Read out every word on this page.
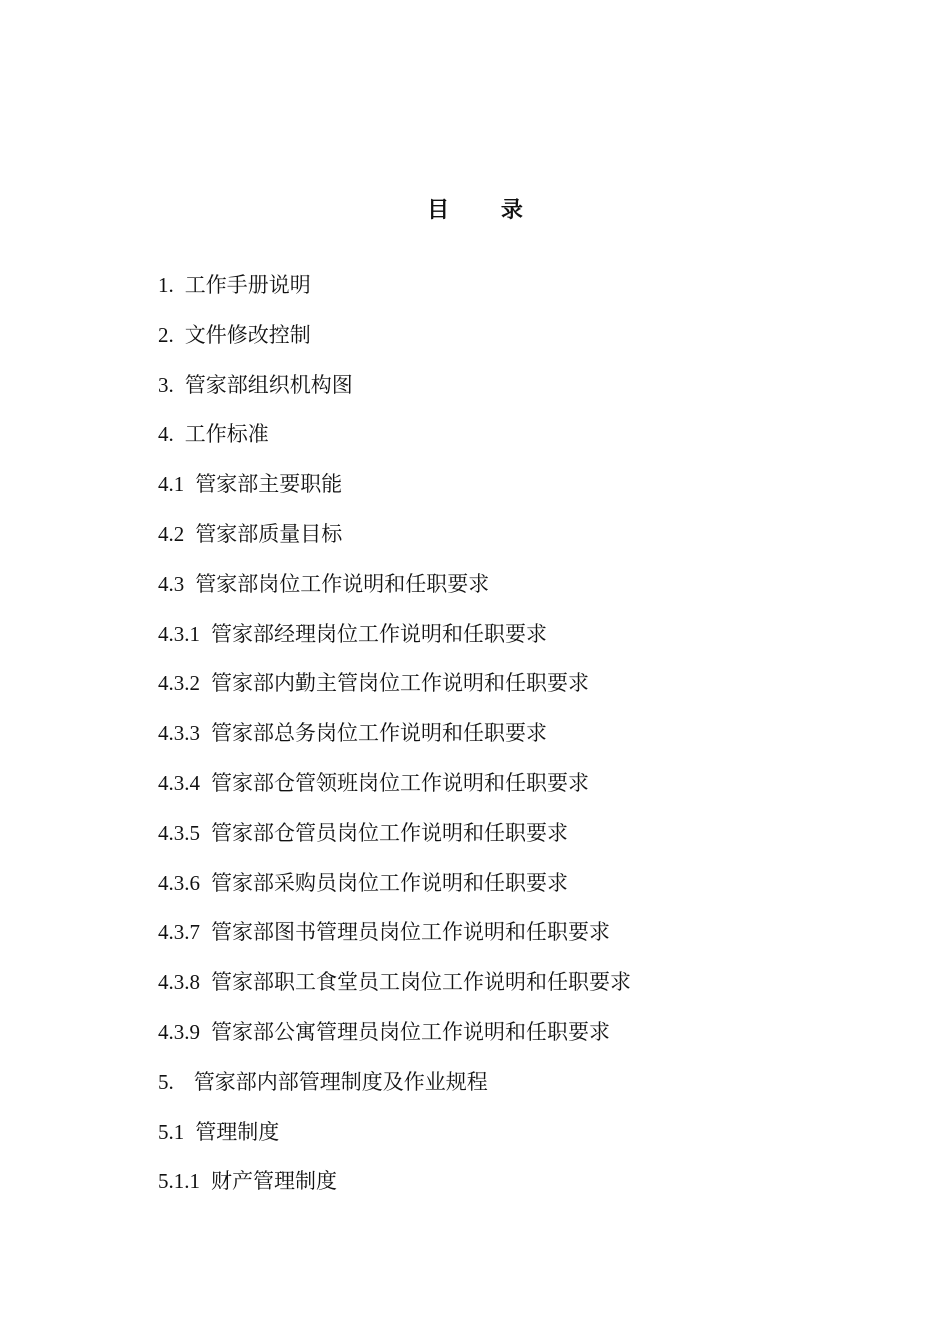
目 录
1. 工作手册说明
2. 文件修改控制
3. 管家部组织机构图
4. 工作标准
4.1 管家部主要职能
4.2 管家部质量目标
4.3 管家部岗位工作说明和任职要求
4.3.1 管家部经理岗位工作说明和任职要求
4.3.2 管家部内勤主管岗位工作说明和任职要求
4.3.3 管家部总务岗位工作说明和任职要求
4.3.4 管家部仓管领班岗位工作说明和任职要求
4.3.5 管家部仓管员岗位工作说明和任职要求
4.3.6 管家部采购员岗位工作说明和任职要求
4.3.7 管家部图书管理员岗位工作说明和任职要求
4.3.8 管家部职工食堂员工岗位工作说明和任职要求
4.3.9 管家部公寓管理员岗位工作说明和任职要求
5. 管家部内部管理制度及作业规程
5.1 管理制度
5.1.1 财产管理制度
